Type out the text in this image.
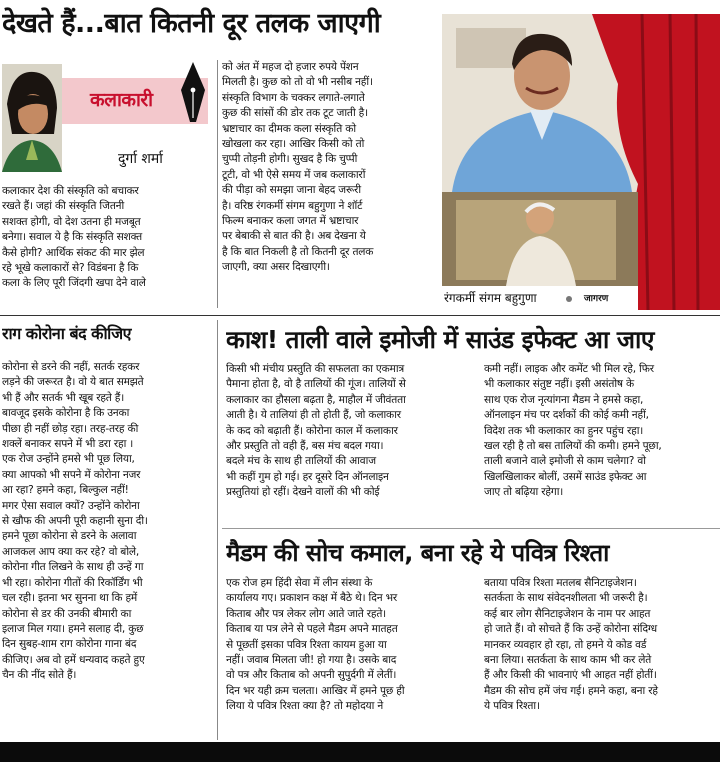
देखते हैं...बात कितनी दूर तलक जाएगी
कलाकारी
दुर्गा शर्मा
कलाकार देश की संस्कृति को बचाकर
रखते हैं। जहां की संस्कृति जितनी
सशक्त होगी, वो देश उतना ही मजबूत
बनेगा। सवाल ये है कि संस्कृति सशक्त
कैसे होगी? आर्थिक संकट की मार झेल
रहे भूखे कलाकारों से? विडंबना है कि
कला के लिए पूरी जिंदगी खपा देने वाले
को अंत में महज दो हजार रुपये पेंशन
मिलती है। कुछ को तो वो भी नसीब नहीं।
संस्कृति विभाग के चक्कर लगाते-लगाते
कुछ की सांसों की डोर तक टूट जाती है।
भ्रष्टाचार का दीमक कला संस्कृति को
खोखला कर रहा। आखिर किसी को तो
चुप्पी तोड़नी होगी। सुखद है कि चुप्पी
टूटी, वो भी ऐसे समय में जब कलाकारों
की पीड़ा को समझा जाना बेहद जरूरी
है। वरिष्ठ रंगकर्मी संगम बहुगुणा ने शॉर्ट
फिल्म बनाकर कला जगत में भ्रष्टाचार
पर बेबाकी से बात की है। अब देखना ये
है कि बात निकली है तो कितनी दूर तलक
जाएगी, क्या असर दिखाएगी।
रंगकर्मी संगम बहुगुणा	जागरण
राग कोरोना बंद कीजिए
कोरोना से डरने की नहीं, सतर्क रहकर
लड़ने की जरूरत है। वो ये बात समझते
भी हैं और सतर्क भी खूब रहते हैं।
बावजूद इसके कोरोना है कि उनका
पीछा ही नहीं छोड़ रहा। तरह-तरह की
शक्लें बनाकर सपने में भी डरा रहा ।
एक रोज उन्होंने हमसे भी पूछ लिया,
क्या आपको भी सपने में कोरोना नजर
आ रहा? हमने कहा, बिल्कुल नहीं!
मगर ऐसा सवाल क्यों? उन्होंने कोरोना
से खौफ की अपनी पूरी कहानी सुना दी।
हमने पूछा कोरोना से डरने के अलावा
आजकल आप क्या कर रहे? वो बोले,
कोरोना गीत लिखने के साथ ही उन्हें गा
भी रहा। कोरोना गीतों की रिकॉर्डिंग भी
चल रही। इतना भर सुनना था कि हमें
कोरोना से डर की उनकी बीमारी का
इलाज मिल गया। हमने सलाह दी, कुछ
दिन सुबह-शाम राग कोरोना गाना बंद
कीजिए। अब वो हमें धन्यवाद कहते हुए
चैन की नींद सोते हैं।
काश! ताली वाले इमोजी में साउंड इफेक्ट आ जाए
किसी भी मंचीय प्रस्तुति की सफलता का एकमात्र
पैमाना होता है, वो है तालियों की गूंज। तालियों से
कलाकार का हौसला बढ़ता है, माहौल में जीवंतता
आती है। ये तालियां ही तो होती हैं, जो कलाकार
के कद को बढ़ाती हैं। कोरोना काल में कलाकार
और प्रस्तुति तो वही हैं, बस मंच बदल गया।
बदले मंच के साथ ही तालियों की आवाज
भी कहीं गुम हो गई। हर दूसरे दिन ऑनलाइन
प्रस्तुतियां हो रहीं। देखने वालों की भी कोई
कमी नहीं। लाइक और कमेंट भी मिल रहे, फिर
भी कलाकार संतुष्ट नहीं। इसी असंतोष के
साथ एक रोज नृत्यांगना मैडम ने हमसे कहा,
ऑनलाइन मंच पर दर्शकों की कोई कमी नहीं,
विदेश तक भी कलाकार का हुनर पहुंच रहा।
खल रही है तो बस तालियों की कमी। हमने पूछा,
ताली बजाने वाले इमोजी से काम चलेगा? वो
खिलखिलाकर बोलीं, उसमें साउंड इफेक्ट आ
जाए तो बढ़िया रहेगा।
मैडम की सोच कमाल, बना रहे ये पवित्र रिश्ता
एक रोज हम हिंदी सेवा में लीन संस्था के
कार्यालय गए। प्रकाशन कक्ष में बैठे थे। दिन भर
किताब और पत्र लेकर लोग आते जाते रहते।
किताब या पत्र लेने से पहले मैडम अपने मातहत
से पूछतीं इसका पवित्र रिश्ता कायम हुआ या
नहीं। जवाब मिलता जी! हो गया है। उसके बाद
वो पत्र और किताब को अपनी सुपुर्दगी में लेतीं।
दिन भर यही क्रम चलता। आखिर में हमने पूछ ही
लिया ये पवित्र रिश्ता क्या है? तो महोदया ने
बताया पवित्र रिश्ता मतलब सैनिटाइजेशन।
सतर्कता के साथ संवेदनशीलता भी जरूरी है।
कई बार लोग सैनिटाइजेशन के नाम पर आहत
हो जाते हैं। वो सोचते हैं कि उन्हें कोरोना संदिग्ध
मानकर व्यवहार हो रहा, तो हमने ये कोड वर्ड
बना लिया। सतर्कता के साथ काम भी कर लेते
हैं और किसी की भावनाएं भी आहत नहीं होतीं।
मैडम की सोच हमें जंच गई। हमने कहा, बना रहे
ये पवित्र रिश्ता।
